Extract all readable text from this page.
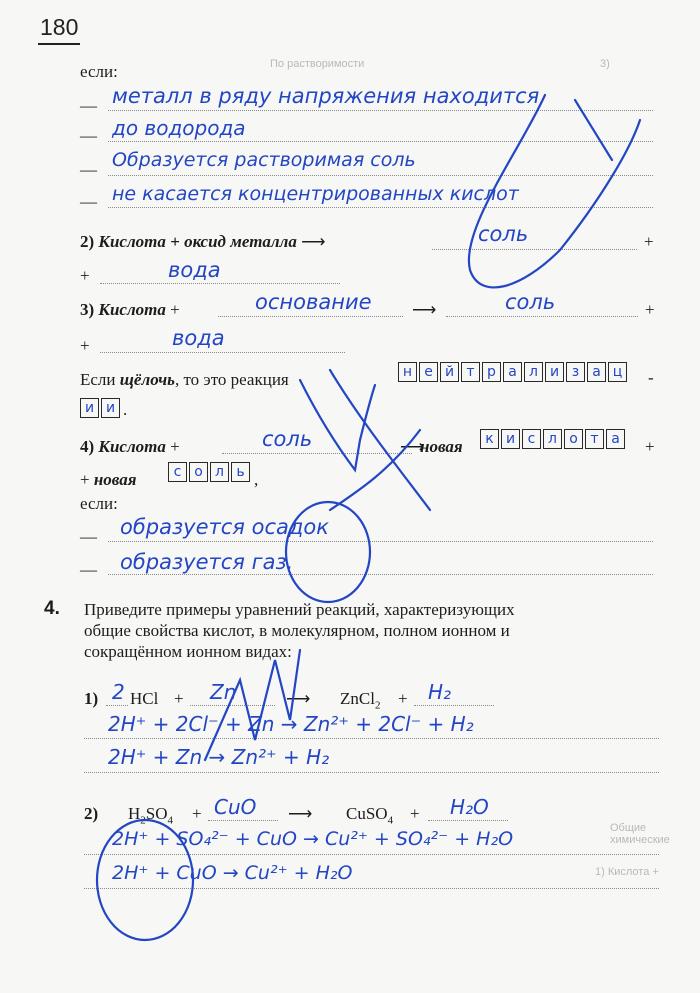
По растворимости	3)
Общие химические
1) Кислота +
180
если:
— металл в ряду напряжения находится
— до водорода
— Образуется растворимая соль
— не касается концентрированных кислот
2) Кислота + оксид металла ⟶	соль	+
+	вода
3) Кислота +	основание ⟶	соль	+
+	вода
Если щёлочь, то это реакция	н е й т р а л и з а ц -
и и .
4) Кислота +	соль	⟶
новая	к и с л о т а	+
+ новая	с о л ь ,
если:
— образуется осадок
— образуется газ.
4. Приведите примеры уравнений реакций, характеризующих
общие свойства кислот, в молекулярном, полном ионном и
сокращённом ионном видах:
1) 2 HCl + Zn	⟶ ZnCl$_2$ + H₂
2H⁺ + 2Cl⁻ + Zn → Zn²⁺ + 2Cl⁻ + H₂
2H⁺ + Zn → Zn²⁺ + H₂
2) $H_2SO_4$ + CuO ⟶ CuSO$_4$ + H₂O
2H⁺ + SO₄²⁻ + CuO → Cu²⁺ + SO₄²⁻ + H₂O
2H⁺ + CuO → Cu²⁺ + H₂O
